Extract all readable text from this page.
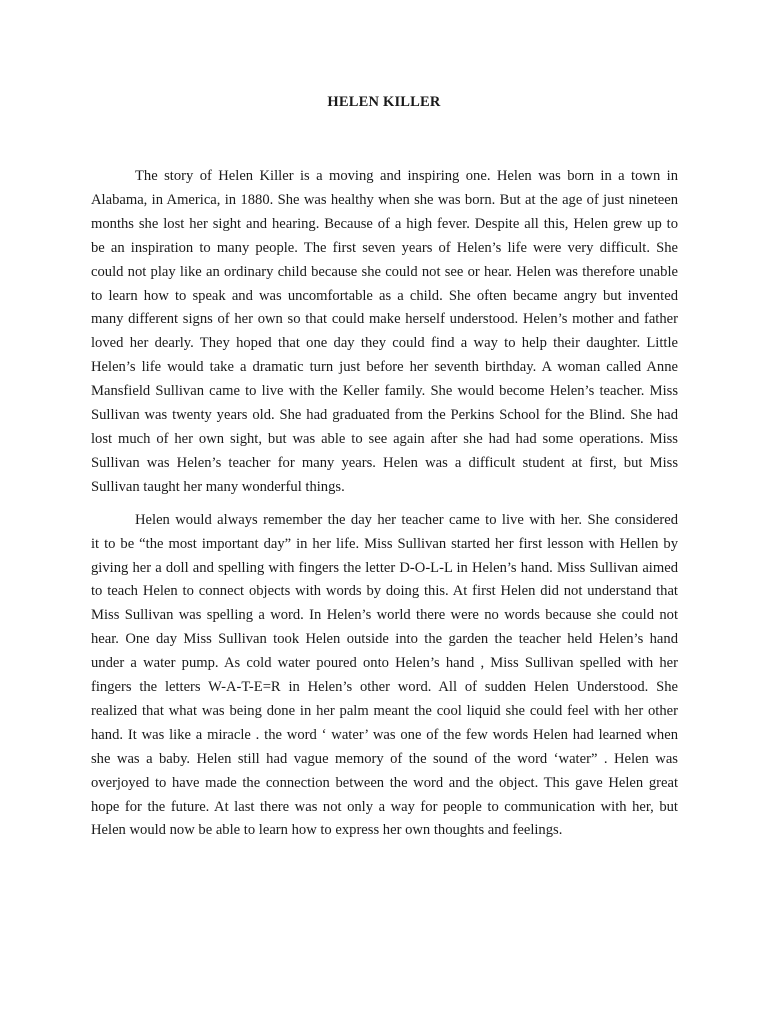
HELEN KILLER

The story of Helen Killer is a moving and inspiring one. Helen was born in a town in
Alabama, in America, in 1880. She was healthy when she was born. But at the age of just nineteen
months she lost her sight and hearing. Because of a high fever. Despite all this, Helen grew up to
be an inspiration to many people. The first seven years of Helen’s life were very difficult. She
could not play like an ordinary child because she could not see or hear. Helen was therefore unable
to learn how to speak and was uncomfortable as a child. She often became angry but invented
many different signs of her own so that could make herself understood. Helen’s mother and father
loved her dearly. They hoped that one day they could find a way to help their daughter. Little
Helen’s life would take a dramatic turn just before her seventh birthday. A woman called Anne
Mansfield Sullivan came to live with the Keller family. She would become Helen’s teacher. Miss
Sullivan was twenty years old. She had graduated from the Perkins School for the Blind. She had
lost much of her own sight, but was able to see again after she had had some operations. Miss
Sullivan was Helen’s teacher for many years. Helen was a difficult student at first, but Miss
Sullivan taught her many wonderful things.

Helen would always remember the day her teacher came to live with her. She considered
it to be “the most important day” in her life. Miss Sullivan started her first lesson with Hellen by
giving her a doll and spelling with fingers the letter D-O-L-L in Helen’s hand. Miss Sullivan aimed
to teach Helen to connect objects with words by doing this. At first Helen did not understand that
Miss Sullivan was spelling a word. In Helen’s world there were no words because she could not
hear. One day Miss Sullivan took Helen outside into the garden the teacher held Helen’s hand
under a water pump. As cold water poured onto Helen’s hand , Miss Sullivan spelled with her
fingers the letters W-A-T-E=R in Helen’s other word. All of sudden Helen Understood. She
realized that what was being done in her palm meant the cool liquid she could feel with her other
hand. It was like a miracle . the word ‘ water’ was one of the few words Helen had learned when
she was a baby. Helen still had vague memory of the sound of the word ‘water” . Helen was
overjoyed to have made the connection between the word and the object. This gave Helen great
hope for the future. At last there was not only a way for people to communication with her, but
Helen would now be able to learn how to express her own thoughts and feelings.
